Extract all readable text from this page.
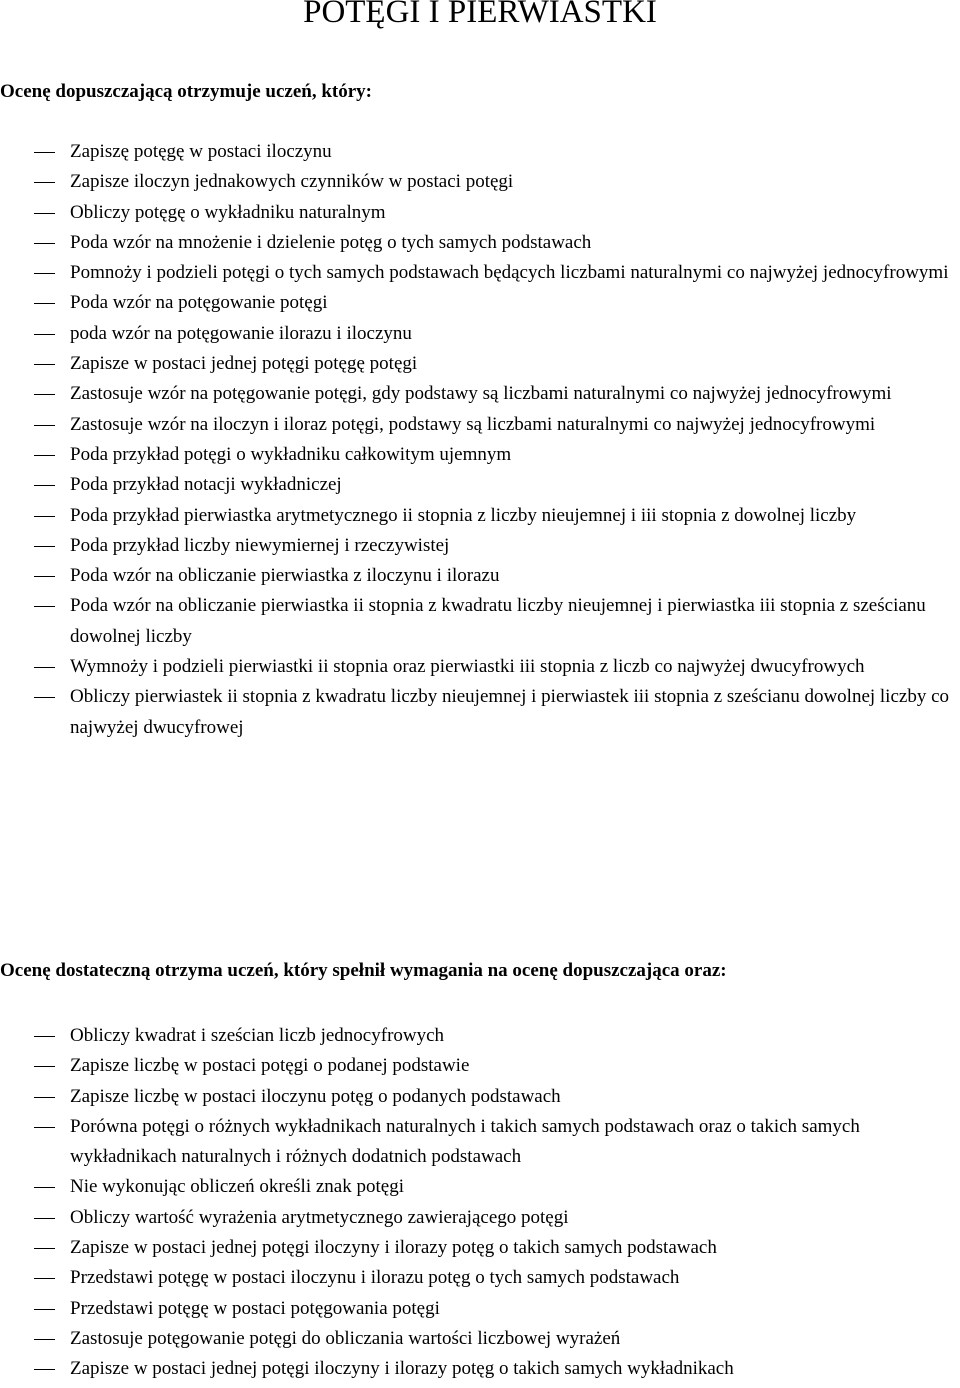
POTĘGI I PIERWIASTKI
Ocenę dopuszczającą otrzymuje uczeń, który:
Zapiszę potęgę w postaci iloczynu
Zapisze iloczyn jednakowych czynników w postaci potęgi
Obliczy potęgę o wykładniku naturalnym
Poda wzór na mnożenie i dzielenie potęg o tych samych podstawach
Pomnoży i podzieli potęgi o tych samych podstawach będących liczbami naturalnymi co najwyżej jednocyfrowymi
Poda wzór na potęgowanie potęgi
poda wzór na potęgowanie ilorazu i iloczynu
Zapisze w postaci jednej potęgi potęgę potęgi
Zastosuje wzór na potęgowanie potęgi, gdy podstawy są liczbami naturalnymi co najwyżej jednocyfrowymi
Zastosuje wzór na iloczyn i iloraz potęgi, podstawy są liczbami naturalnymi co najwyżej jednocyfrowymi
Poda przykład potęgi o wykładniku całkowitym ujemnym
Poda przykład notacji wykładniczej
Poda przykład pierwiastka arytmetycznego ii stopnia z liczby nieujemnej i iii stopnia z dowolnej liczby
Poda przykład liczby niewymiernej i rzeczywistej
Poda wzór na obliczanie pierwiastka z iloczynu i ilorazu
Poda wzór na obliczanie pierwiastka ii stopnia z kwadratu liczby nieujemnej i pierwiastka iii stopnia z sześcianu dowolnej liczby
Wymnoży i podzieli pierwiastki ii stopnia oraz pierwiastki iii stopnia z liczb co najwyżej dwucyfrowych
Obliczy pierwiastek ii stopnia z kwadratu liczby nieujemnej i pierwiastek iii stopnia z sześcianu dowolnej liczby co najwyżej dwucyfrowej
Ocenę dostateczną otrzyma uczeń, który spełnił wymagania na ocenę dopuszczająca oraz:
Obliczy kwadrat i sześcian liczb jednocyfrowych
Zapisze liczbę w postaci potęgi o podanej podstawie
Zapisze liczbę w postaci iloczynu potęg o podanych podstawach
Porówna potęgi o różnych wykładnikach naturalnych i takich samych podstawach oraz o takich samych wykładnikach naturalnych i różnych dodatnich podstawach
Nie wykonując obliczeń określi znak potęgi
Obliczy wartość wyrażenia arytmetycznego zawierającego potęgi
Zapisze w postaci jednej potęgi iloczyny i ilorazy potęg o takich samych podstawach
Przedstawi potęgę w postaci iloczynu i ilorazu potęg o tych samych podstawach
Przedstawi potęgę w postaci potęgowania potęgi
Zastosuje potęgowanie potęgi do obliczania wartości liczbowej wyrażeń
Zapisze w postaci jednej potęgi iloczyny i ilorazy potęg o takich samych wykładnikach
